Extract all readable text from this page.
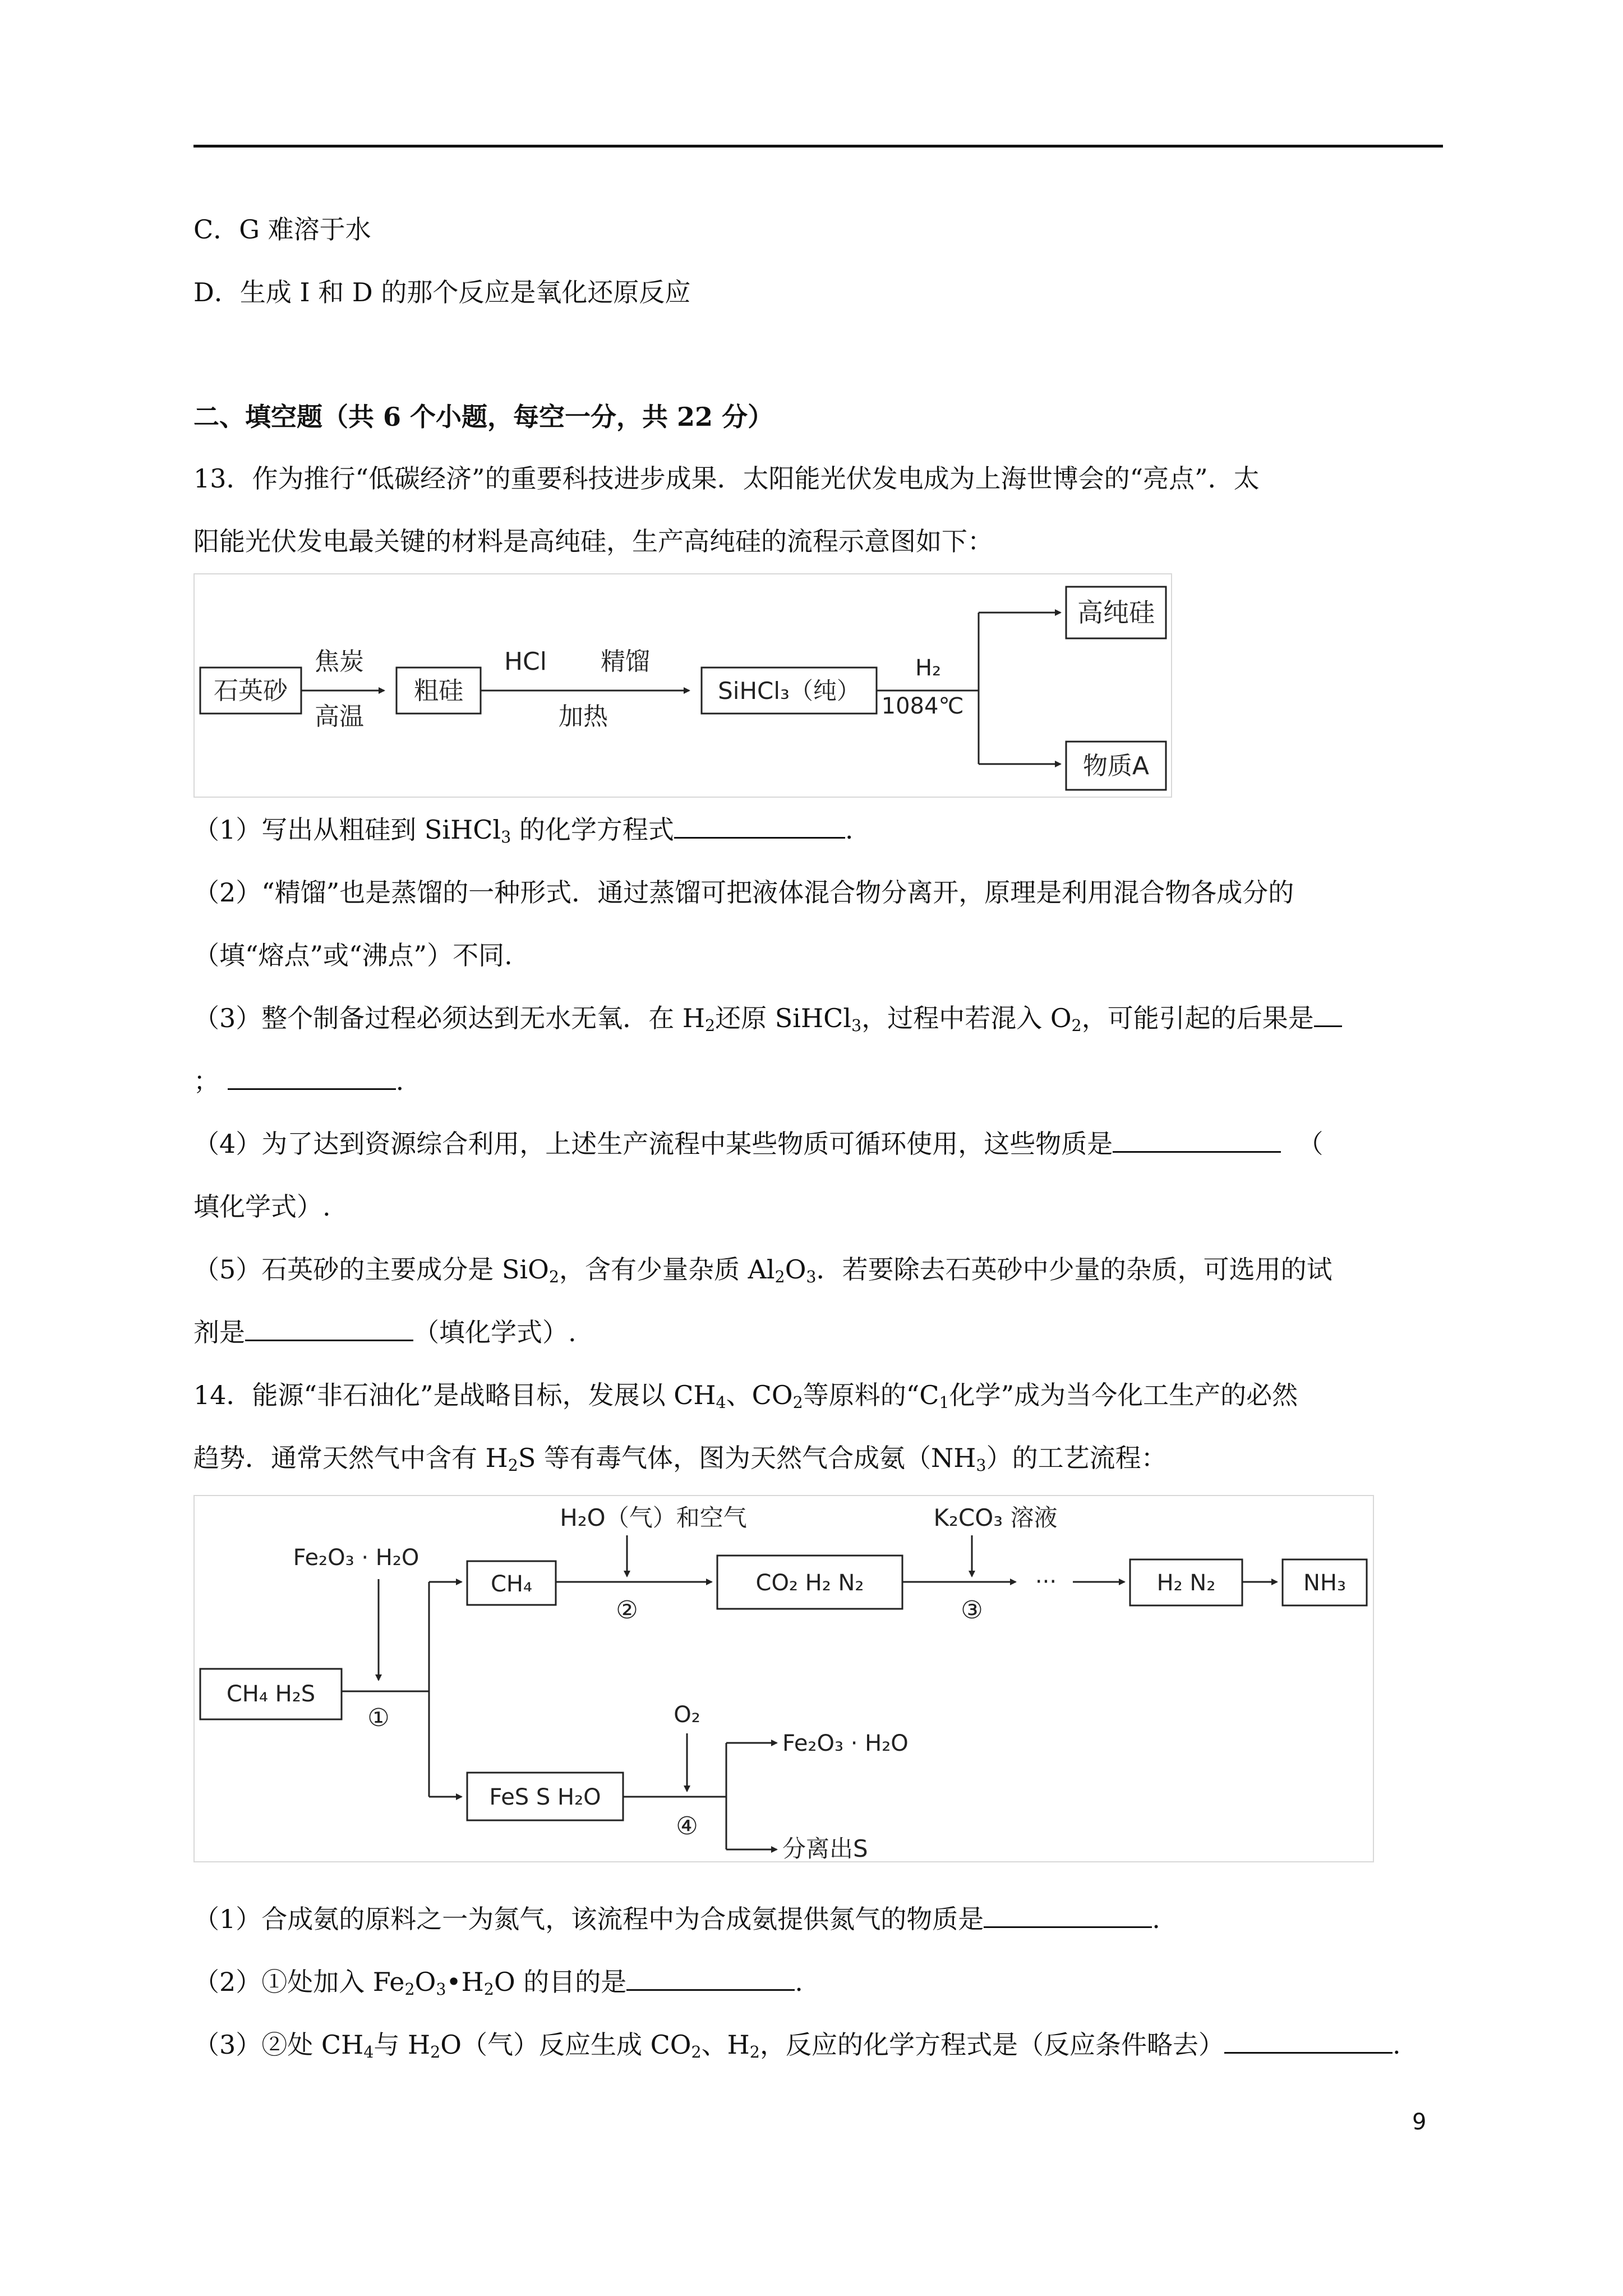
C．G 难溶于水
D．生成 I 和 D 的那个反应是氧化还原反应
二、填空题（共 6 个小题，每空一分，共 22 分）
13．作为推行“低碳经济”的重要科技进步成果．太阳能光伏发电成为上海世博会的“亮点”．太
阳能光伏发电最关键的材料是高纯硅，生产高纯硅的流程示意图如下：
石英砂
焦炭
高温
粗硅
HCl 精馏
加热
SiHCl₃（纯）
H₂
1084℃
高纯硅
物质A
（1）写出从粗硅到 SiHCl$_3$ 的化学方程式	.
（2）“精馏”也是蒸馏的一种形式．通过蒸馏可把液体混合物分离开，原理是利用混合物各成分的
（填“熔点”或“沸点”）不同.
（3）整个制备过程必须达到无水无氧．在 $H_2$还原 SiHCl$_3$，过程中若混入 $O_2$，可能引起的后果是
；	.
（4）为了达到资源综合利用，上述生产流程中某些物质可循环使用，这些物质是	（
填化学式）.
（5）石英砂的主要成分是 SiO$_2$，含有少量杂质 $Al_2O_3$．若要除去石英砂中少量的杂质，可选用的试
剂是	（填化学式）.
14．能源“非石油化”是战略目标，发展以 $CH_4$、$CO_2$等原料的“$C_1$化学”成为当今化工生产的必然
趋势．通常天然气中含有 $H_2S$ 等有毒气体，图为天然气合成氨$(NH_3)$的工艺流程：
Fe₂O₃ · H₂O
CH₄ H₂S
①
CH₄
H₂O（气）和空气
②
CO₂ H₂ N₂
K₂CO₃ 溶液
③
···	H₂ N₂	NH₃
FeS S H₂O
O₂
④
Fe₂O₃ · H₂O
分离出S
（1）合成氨的原料之一为氮气，该流程中为合成氨提供氮气的物质是	.
（2）①处加入 $Fe_2O_3•H_2O$ 的目的是	.
（3）②处 $CH_4$与 $H_2O$（气）反应生成 $CO_2$、$H_2$，反应的化学方程式是（反应条件略去）	.
9
